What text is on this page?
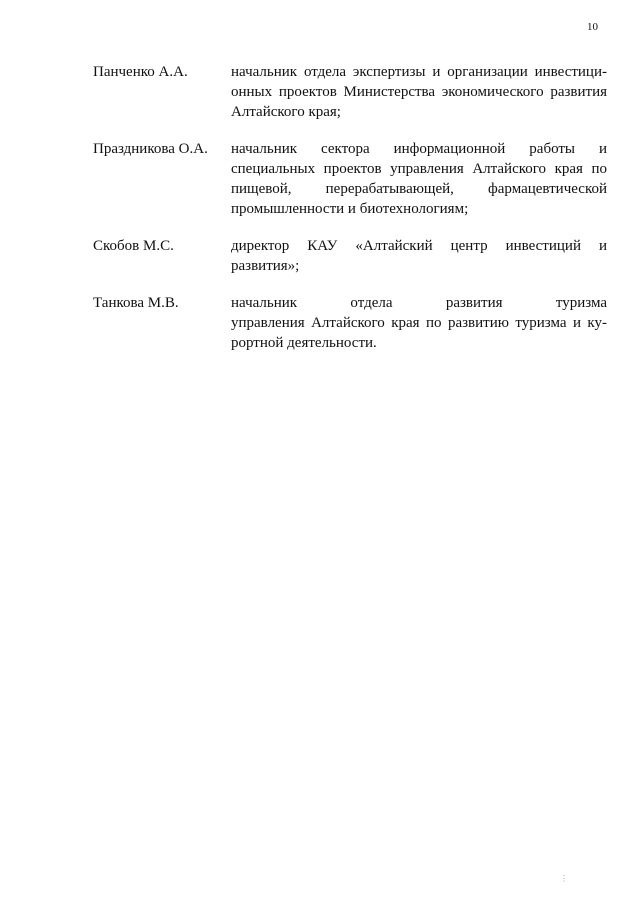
10
Панченко А.А.	начальник отдела экспертизы и организации инвестици-
онных проектов Министерства экономического развития
Алтайского края;
Праздникова О.А.	начальник сектора информационной работы и
специальных проектов управления Алтайского края по
пищевой, перерабатывающей, фармацевтической
промышленности и биотехнологиям;
Скобов М.С.	директор КАУ «Алтайский центр инвестиций и
развития»;
Танкова М.В.	начальник отдела развития туризма
управления Алтайского края по развитию туризма и ку-
рортной деятельности.
⋮
